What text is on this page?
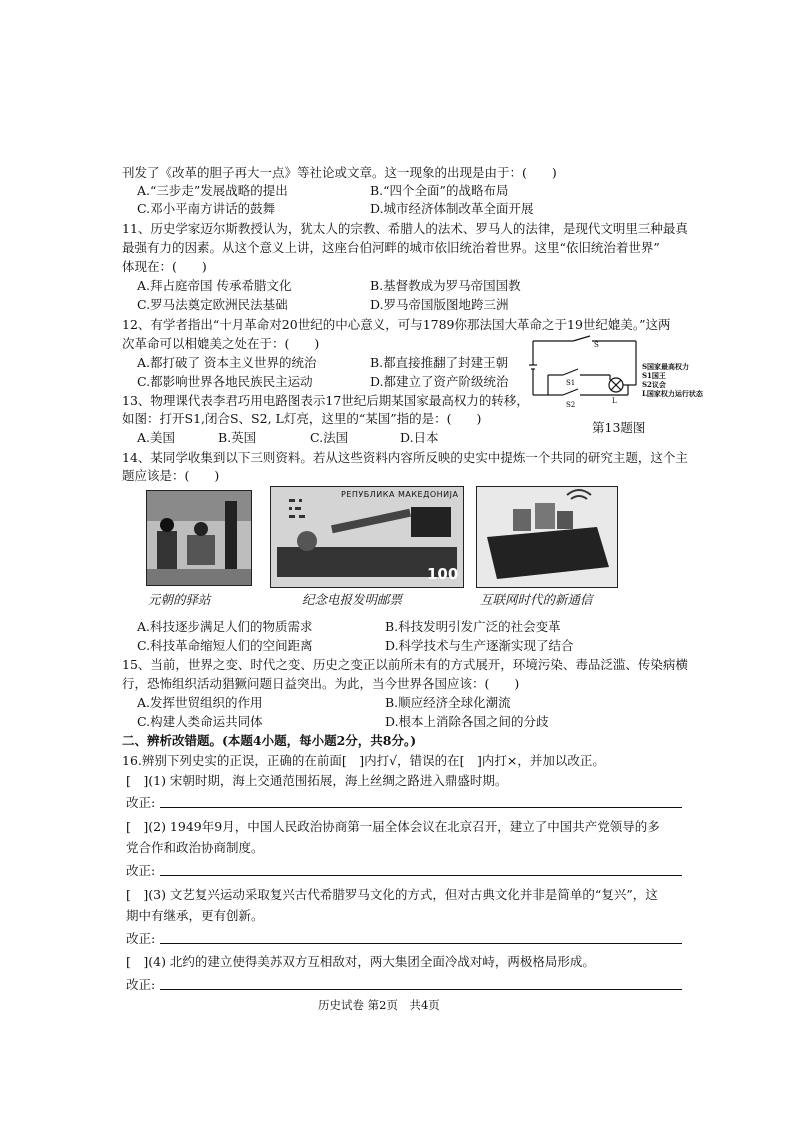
刊发了《改革的胆子再大一点》等社论或文章。这一现象的出现是由于：(　　)
A.“三步走”发展战略的提出	B.“四个全面”的战略布局
C.邓小平南方讲话的鼓舞	D.城市经济体制改革全面开展
11、历史学家迈尔斯教授认为，犹太人的宗教、希腊人的法术、罗马人的法律，是现代文明里三种最真
最强有力的因素。从这个意义上讲，这座台伯河畔的城市依旧统治着世界。这里“依旧统治着世界”
体现在：(　　)
A.拜占庭帝国 传承希腊文化	B.基督教成为罗马帝国国教
C.罗马法奠定欧洲民法基础	D.罗马帝国版图地跨三洲
12、有学者指出“十月革命对20世纪的中心意义，可与1789你那法国大革命之于19世纪媲美。”这两
次革命可以相媲美之处在于：(　　)
A.都打破了 资本主义世界的统治	B.都直接推翻了封建王朝
C.都影响世界各地民族民主运动	D.都建立了资产阶级统治
13、物理课代表李君巧用电路图表示17世纪后期某国家最高权力的转移，
如图：打开S1,闭合S、S2, L灯亮，这里的“某国”指的是：(　　)
A.美国	B.英国	C.法国	D.日本
S
S1
S2	L
S国家最高权力
S1国王
S2议会
L国家权力运行状态
第13题图
14、某同学收集到以下三则资料。若从这些资料内容所反映的史实中提炼一个共同的研究主题，这个主
题应该是：(　　)
РЕПУБЛИКА МАКЕДОНИЈА
100
元朝的驿站	纪念电报发明邮票	互联网时代的新通信
A.科技逐步满足人们的物质需求	B.科技发明引发广泛的社会变革
C.科技革命缩短人们的空间距离	D.科学技术与生产逐渐实现了结合
15、当前，世界之变、时代之变、历史之变正以前所未有的方式展开，环境污染、毒品泛滥、传染病横
行，恐怖组织活动猖獗问题日益突出。为此，当今世界各国应该：(　　)
A.发挥世贸组织的作用	B.顺应经济全球化潮流
C.构建人类命运共同体	D.根本上消除各国之间的分歧
二、辨析改错题。(本题4小题，每小题2分，共8分。)
16.辨别下列史实的正误，正确的在前面[　]内打√，错误的在[　]内打×，并加以改正。
[　](1) 宋朝时期，海上交通范围拓展，海上丝绸之路进入鼎盛时期。
改正:
[　](2) 1949年9月，中国人民政治协商第一届全体会议在北京召开，建立了中国共产党领导的多
党合作和政治协商制度。
改正:
[　](3) 文艺复兴运动采取复兴古代希腊罗马文化的方式，但对古典文化并非是简单的“复兴”，这
期中有继承，更有创新。
改正:
[　](4) 北约的建立使得美苏双方互相敌对，两大集团全面冷战对峙，两极格局形成。
改正:
历史试卷 第2页　共4页
